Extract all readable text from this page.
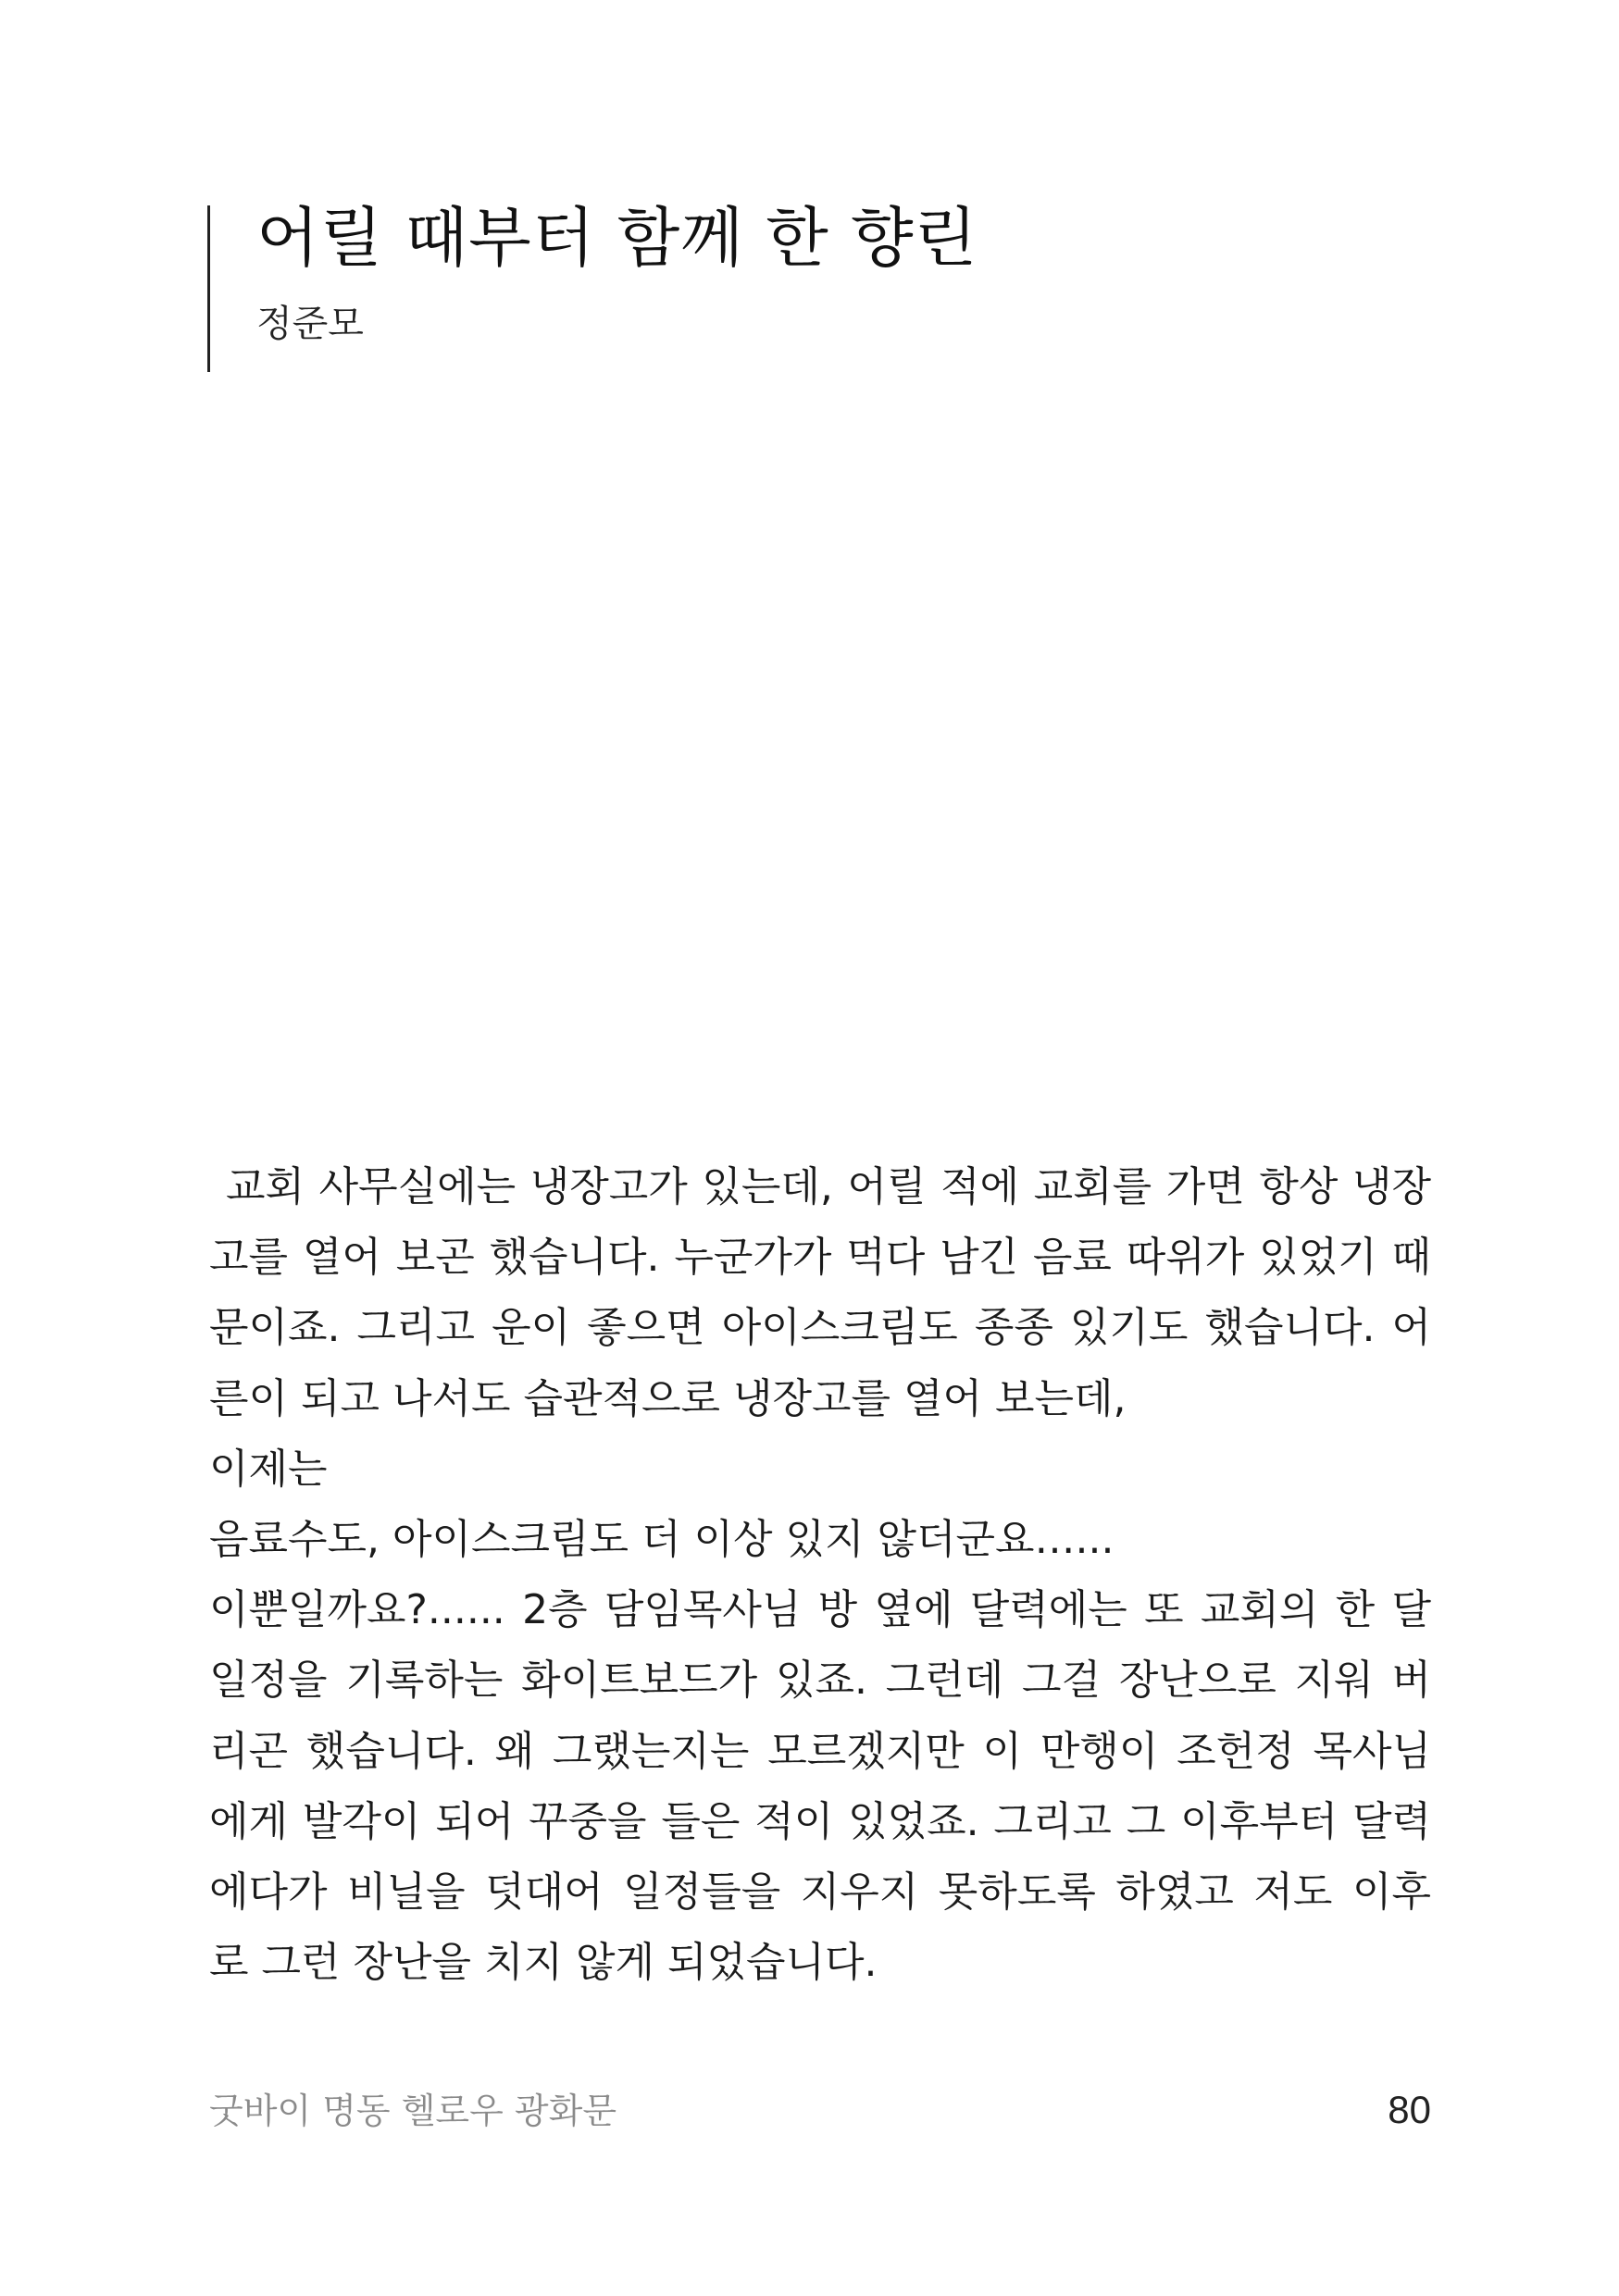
어릴 때부터 함께 한 향린
정준모
교회 사무실에는 냉장고가 있는데, 어릴 적에 교회를 가면 항상 냉장
고를 열어 보곤 했습니다. 누군가가 먹다 남긴 음료 따위가 있었기 때
문이죠. 그리고 운이 좋으면 아이스크림도 종종 있기도 했습니다. 어
른이 되고 나서도 습관적으로 냉장고를 열어 보는데,
이제는
음료수도, 아이스크림도 더 이상 있지 않더군요…...
이뿐일까요?...... 2층 담임목사님 방 옆에 달력에는 또 교회의 한 달
일정을 기록하는 화이트보드가 있죠. 그런데 그걸 장난으로 지워 버
리곤 했습니다. 왜 그랬는지는 모르겠지만 이 만행이 조헌정 목사님
에게 발각이 되어 꾸중을 들은 적이 있었죠. 그리고 그 이후부터 달력
에다가 비닐을 덧대어 일정들을 지우지 못하도록 하였고 저도 이후
로 그런 장난을 치지 않게 되었습니다.
굿바이 명동 헬로우 광화문	80
